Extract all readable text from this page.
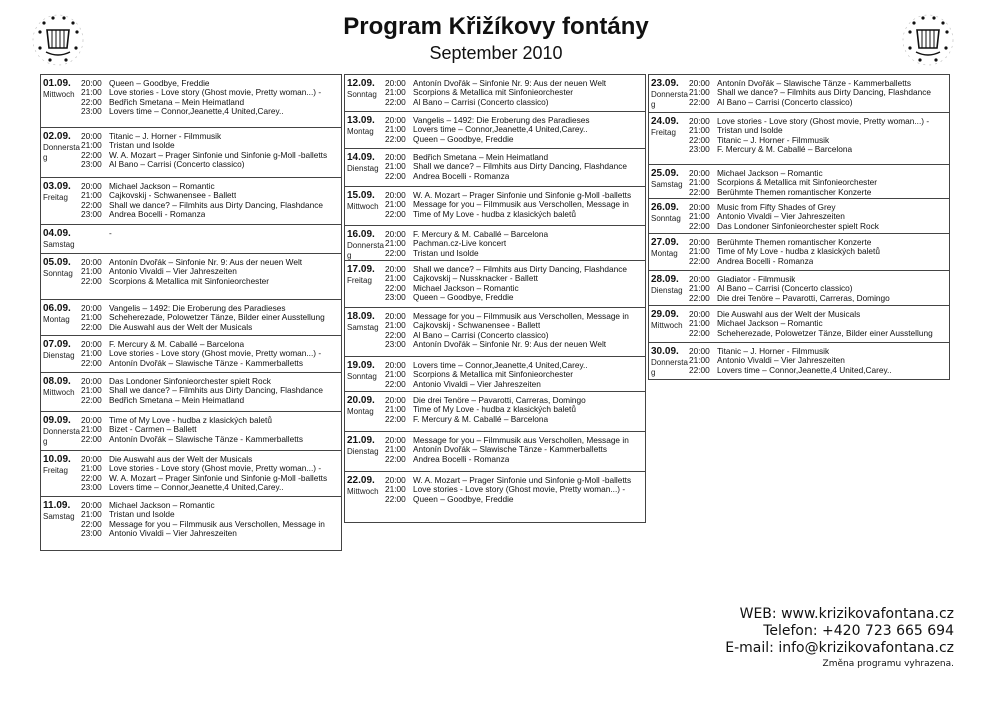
Program Křižíkovy fontány

September 2010

01.09.
Mittwoch
20:00 Queen – Goodbye, Freddie
21:00 Love stories - Love story (Ghost movie, Pretty woman...) -
22:00 Bedřich Smetana – Mein Heimatland
23:00 Lovers time – Connor,Jeanette,4 United,Carey..
02.09.
Donnerstag
20:00 Titanic – J. Horner - Filmmusik
21:00 Tristan und Isolde
22:00 W. A. Mozart – Prager Sinfonie und Sinfonie g-Moll -balletts
23:00 Al Bano – Carrisi (Concerto classico)
03.09.
Freitag
20:00 Michael Jackson – Romantic
21:00 Cajkovskij - Schwanensee - Ballett
22:00 Shall we dance? – Filmhits aus Dirty Dancing, Flashdance
23:00 Andrea Bocelli - Romanza
04.09.
Samstag
-
05.09.
Sonntag
20:00 Antonín Dvořák – Sinfonie Nr. 9: Aus der neuen Welt
21:00 Antonio Vivaldi – Vier Jahreszeiten
22:00 Scorpions & Metallica mit Sinfonieorchester
06.09.
Montag
20:00 Vangelis – 1492: Die Eroberung des Paradieses
21:00 Scheherezade, Polowetzer Tänze, Bilder einer Ausstellung
22:00 Die Auswahl aus der Welt der Musicals
07.09.
Dienstag
20:00 F. Mercury & M. Caballé – Barcelona
21:00 Love stories - Love story (Ghost movie, Pretty woman...) -
22:00 Antonín Dvořák – Slawische Tänze - Kammerballetts
08.09.
Mittwoch
20:00 Das Londoner Sinfonieorchester spielt Rock
21:00 Shall we dance? – Filmhits aus Dirty Dancing, Flashdance
22:00 Bedřich Smetana – Mein Heimatland
09.09.
Donnerstag
20:00 Time of My Love - hudba z klasických baletů
21:00 Bizet - Carmen – Ballett
22:00 Antonín Dvořák – Slawische Tänze - Kammerballetts
10.09.
Freitag
20:00 Die Auswahl aus der Welt der Musicals
21:00 Love stories - Love story (Ghost movie, Pretty woman...) -
22:00 W. A. Mozart – Prager Sinfonie und Sinfonie g-Moll -balletts
23:00 Lovers time – Connor,Jeanette,4 United,Carey..
11.09.
Samstag
20:00 Michael Jackson – Romantic
21:00 Tristan und Isolde
22:00 Message for you – Filmmusik aus Verschollen, Message in
23:00 Antonio Vivaldi – Vier Jahreszeiten
12.09.
Sonntag
20:00 Antonín Dvořák – Sinfonie Nr. 9: Aus der neuen Welt
21:00 Scorpions & Metallica mit Sinfonieorchester
22:00 Al Bano – Carrisi (Concerto classico)
13.09.
Montag
20:00 Vangelis – 1492: Die Eroberung des Paradieses
21:00 Lovers time – Connor,Jeanette,4 United,Carey..
22:00 Queen – Goodbye, Freddie
14.09.
Dienstag
20:00 Bedřich Smetana – Mein Heimatland
21:00 Shall we dance? – Filmhits aus Dirty Dancing, Flashdance
22:00 Andrea Bocelli - Romanza
15.09.
Mittwoch
20:00 W. A. Mozart – Prager Sinfonie und Sinfonie g-Moll -balletts
21:00 Message for you – Filmmusik aus Verschollen, Message in
22:00 Time of My Love - hudba z klasických baletů
16.09.
Donnerstag
20:00 F. Mercury & M. Caballé – Barcelona
21:00 Pachman.cz-Live koncert
22:00 Tristan und Isolde
17.09.
Freitag
20:00 Shall we dance? – Filmhits aus Dirty Dancing, Flashdance
21:00 Cajkovskij – Nussknacker - Ballett
22:00 Michael Jackson – Romantic
23:00 Queen – Goodbye, Freddie
18.09.
Samstag
20:00 Message for you – Filmmusik aus Verschollen, Message in
21:00 Cajkovskij - Schwanensee - Ballett
22:00 Al Bano – Carrisi (Concerto classico)
23:00 Antonín Dvořák – Sinfonie Nr. 9: Aus der neuen Welt
19.09.
Sonntag
20:00 Lovers time – Connor,Jeanette,4 United,Carey..
21:00 Scorpions & Metallica mit Sinfonieorchester
22:00 Antonio Vivaldi – Vier Jahreszeiten
20.09.
Montag
20:00 Die drei Tenöre – Pavarotti, Carreras, Domingo
21:00 Time of My Love - hudba z klasických baletů
22:00 F. Mercury & M. Caballé – Barcelona
21.09.
Dienstag
20:00 Message for you – Filmmusik aus Verschollen, Message in
21:00 Antonín Dvořák – Slawische Tänze - Kammerballetts
22:00 Andrea Bocelli - Romanza
22.09.
Mittwoch
20:00 W. A. Mozart – Prager Sinfonie und Sinfonie g-Moll -balletts
21:00 Love stories - Love story (Ghost movie, Pretty woman...) -
22:00 Queen – Goodbye, Freddie
23.09.
Donnerstag
20:00 Antonín Dvořák – Slawische Tänze - Kammerballetts
21:00 Shall we dance? – Filmhits aus Dirty Dancing, Flashdance
22:00 Al Bano – Carrisi (Concerto classico)
24.09.
Freitag
20:00 Love stories - Love story (Ghost movie, Pretty woman...) -
21:00 Tristan und Isolde
22:00 Titanic – J. Horner - Filmmusik
23:00 F. Mercury & M. Caballé – Barcelona
25.09.
Samstag
20:00 Michael Jackson – Romantic
21:00 Scorpions & Metallica mit Sinfonieorchester
22:00 Berühmte Themen romantischer Konzerte
26.09.
Sonntag
20:00 Music from Fifty Shades of Grey
21:00 Antonio Vivaldi – Vier Jahreszeiten
22:00 Das Londoner Sinfonieorchester spielt Rock
27.09.
Montag
20:00 Berühmte Themen romantischer Konzerte
21:00 Time of My Love - hudba z klasických baletů
22:00 Andrea Bocelli - Romanza
28.09.
Dienstag
20:00 Gladiator - Filmmusik
21:00 Al Bano – Carrisi (Concerto classico)
22:00 Die drei Tenöre – Pavarotti, Carreras, Domingo
29.09.
Mittwoch
20:00 Die Auswahl aus der Welt der Musicals
21:00 Michael Jackson – Romantic
22:00 Scheherezade, Polowetzer Tänze, Bilder einer Ausstellung
30.09.
Donnerstag
20:00 Titanic – J. Horner - Filmmusik
21:00 Antonio Vivaldi – Vier Jahreszeiten
22:00 Lovers time – Connor,Jeanette,4 United,Carey..
WEB: www.krizikovafontana.cz
Telefon: +420 723 665 694
E-mail: info@krizikovafontana.cz
Změna programu vyhrazena.
